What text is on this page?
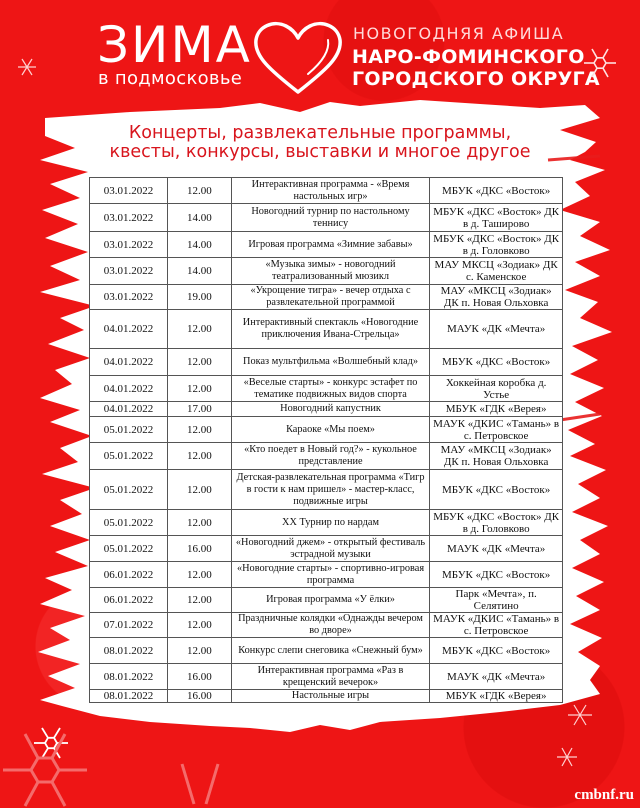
ЗИМА
в подмосковье
НОВОГОДНЯЯ АФИША
НАРО-ФОМИНСКОГО
ГОРОДСКОГО ОКРУГА
Концерты, развлекательные программы,
квесты, конкурсы, выставки и многое другое
03.01.2022	12.00	Интерактивная программа - «Время настольных игр»	МБУК «ДКС «Восток»
03.01.2022	14.00	Новогодний турнир по настольному теннису	МБУК «ДКС «Восток» ДК в д. Таширово
03.01.2022	14.00	Игровая программа «Зимние забавы»	МБУК «ДКС «Восток» ДК в д. Головково
03.01.2022	14.00	«Музыка зимы» - новогодний театрализованный мюзикл	МАУ МКСЦ «Зодиак» ДК с. Каменское
03.01.2022	19.00	«Укрощение тигра» - вечер отдыха с развлекательной программой	МАУ «МКСЦ «Зодиак» ДК п. Новая Ольховка
04.01.2022	12.00	Интерактивный спектакль «Новогодние приключения Ивана-Стрельца»	МАУК «ДК «Мечта»
04.01.2022	12.00	Показ мультфильма «Волшебный клад»	МБУК «ДКС «Восток»
04.01.2022	12.00	«Веселые старты» - конкурс эстафет по тематике подвижных видов спорта	Хоккейная коробка д. Устье
04.01.2022	17.00	Новогодний капустник	МБУК «ГДК «Верея»
05.01.2022	12.00	Караоке «Мы поем»	МАУК «ДКИС «Тамань» в с. Петровское
05.01.2022	12.00	«Кто поедет в Новый год?» - кукольное представление	МАУ «МКСЦ «Зодиак» ДК п. Новая Ольховка
05.01.2022	12.00	Детская-развлекательная программа «Тигр в гости к нам пришел» - мастер-класс, подвижные игры	МБУК «ДКС «Восток»
05.01.2022	12.00	XX Турнир по нардам	МБУК «ДКС «Восток» ДК в д. Головково
05.01.2022	16.00	«Новогодний джем» - открытый фестиваль эстрадной музыки	МАУК «ДК «Мечта»
06.01.2022	12.00	«Новогодние старты» - спортивно-игровая программа	МБУК «ДКС «Восток»
06.01.2022	12.00	Игровая программа «У ёлки»	Парк «Мечта», п. Селятино
07.01.2022	12.00	Праздничные колядки «Однажды вечером во дворе»	МАУК «ДКИС «Тамань» в с. Петровское
08.01.2022	12.00	Конкурс слепи снеговика «Снежный бум»	МБУК «ДКС «Восток»
08.01.2022	16.00	Интерактивная программа «Раз в крещенский вечерок»	МАУК «ДК «Мечта»
08.01.2022	16.00	Настольные игры	МБУК «ГДК «Верея»
cmbnf.ru
